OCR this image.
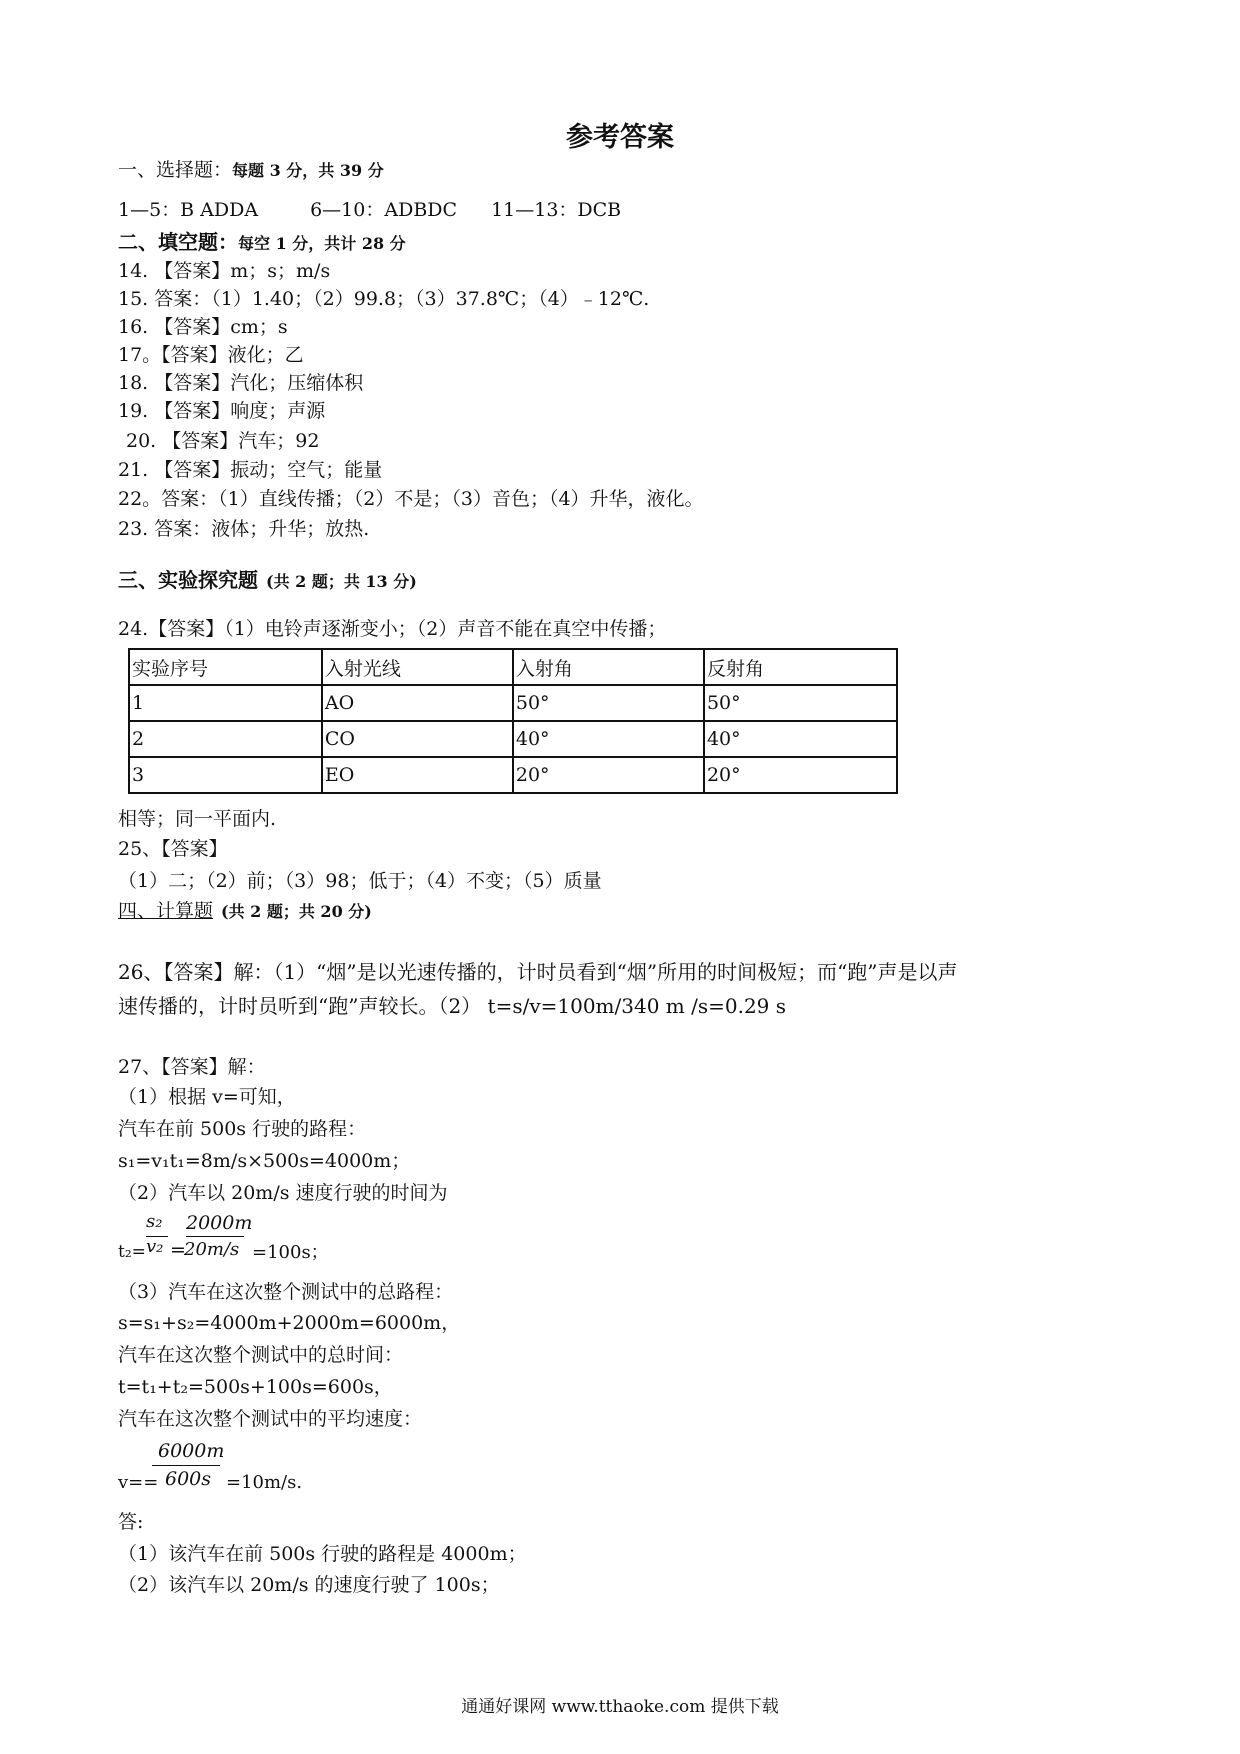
参考答案
一、选择题：每题 3 分，共 39 分
1—5：B ADDA	6—10：ADBDC 11—13：DCB
二、填空题：每空 1 分，共计 28 分
14. 【答案】m；s；m/s
15. 答案：（1）1.40；（2）99.8；（3）37.8℃；（4）﹣12℃.
16. 【答案】cm；s
17。【答案】液化；乙
18. 【答案】汽化；压缩体积
19. 【答案】响度；声源
20. 【答案】汽车；92
21. 【答案】振动；空气；能量
22。答案：（1）直线传播；（2）不是；（3）音色；（4）升华，液化。
23. 答案：液体；升华；放热.
三、实验探究题 (共 2 题；共 13 分)
24.【答案】（1）电铃声逐渐变小；（2）声音不能在真空中传播；
实验序号	入射光线	入射角	反射角
1	AO	50°	50°
2	CO	40°	40°
3	EO	20°	20°
相等；同一平面内.
25、【答案】
（1）二；（2）前；（3）98；低于；（4）不变；（5）质量
四、计算题 (共 2 题；共 20 分)
26、【答案】解：（1）“烟”是以光速传播的，计时员看到“烟”所用的时间极短；而“跑”声是以声
速传播的，计时员听到“跑”声较长。（2） t=s/v=100m/340 m /s=0.29 s
27、【答案】解：
（1）根据 v=可知，
汽车在前 500s 行驶的路程：
s₁=v₁t₁=8m/s×500s=4000m；
（2）汽车以 20m/s 速度行驶的时间为
s₂ 2000m
t₂= v₂ =
20m/s =100s；
（3）汽车在这次整个测试中的总路程：
s=s₁+s₂=4000m+2000m=6000m，
汽车在这次整个测试中的总时间：
t=t₁+t₂=500s+100s=600s，
汽车在这次整个测试中的平均速度：
6000m
v== 600s =10m/s.
答:
（1）该汽车在前 500s 行驶的路程是 4000m；
（2）该汽车以 20m/s 的速度行驶了 100s；
通通好课网 www.tthaoke.com 提供下载
